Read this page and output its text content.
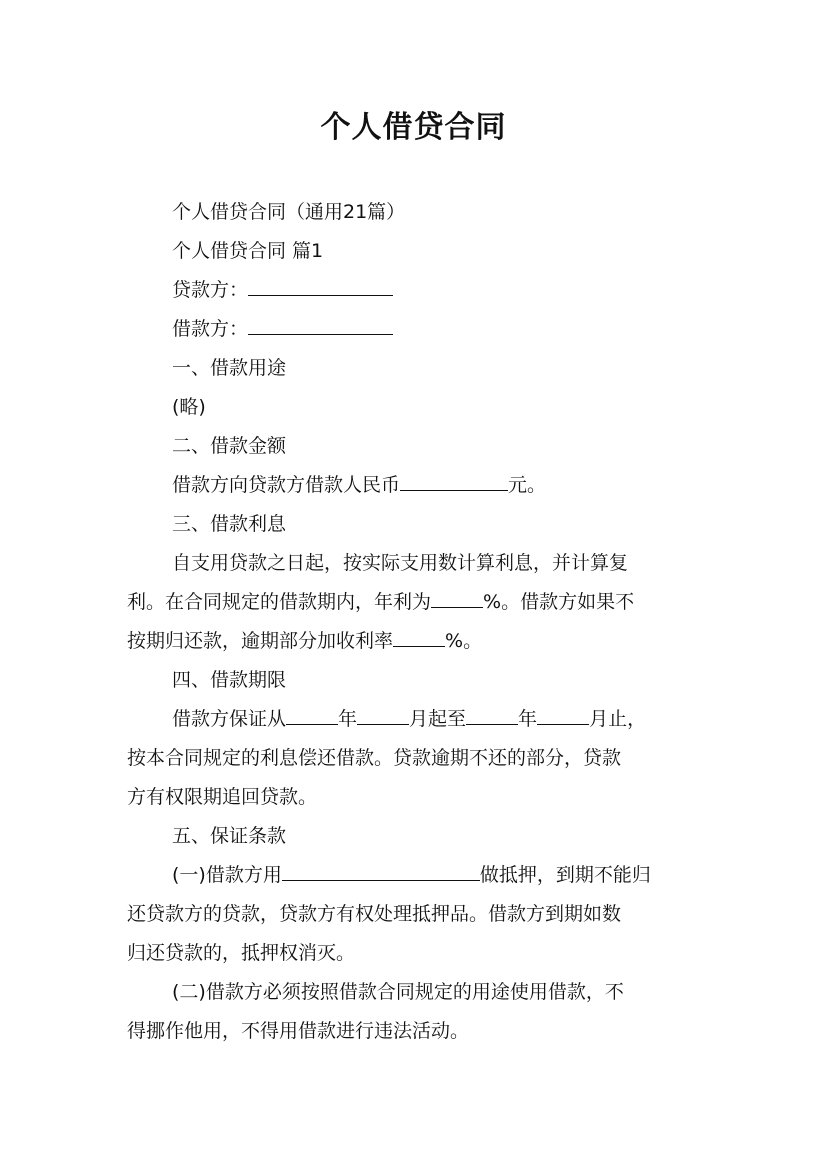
个人借贷合同

个人借贷合同（通用21篇）

个人借贷合同 篇1

贷款方：

借款方：

一、借款用途

(略)

二、借款金额

借款方向贷款方借款人民币	元。

三、借款利息

自支用贷款之日起，按实际支用数计算利息，并计算复

利。在合同规定的借款期内，年利为	%。借款方如果不

按期归还款，逾期部分加收利率	%。

四、借款期限

借款方保证从	年	月起至	年	月止，

按本合同规定的利息偿还借款。贷款逾期不还的部分，贷款

方有权限期追回贷款。

五、保证条款

(一)借款方用	做抵押，到期不能归

还贷款方的贷款，贷款方有权处理抵押品。借款方到期如数

归还贷款的，抵押权消灭。

(二)借款方必须按照借款合同规定的用途使用借款，不

得挪作他用，不得用借款进行违法活动。
